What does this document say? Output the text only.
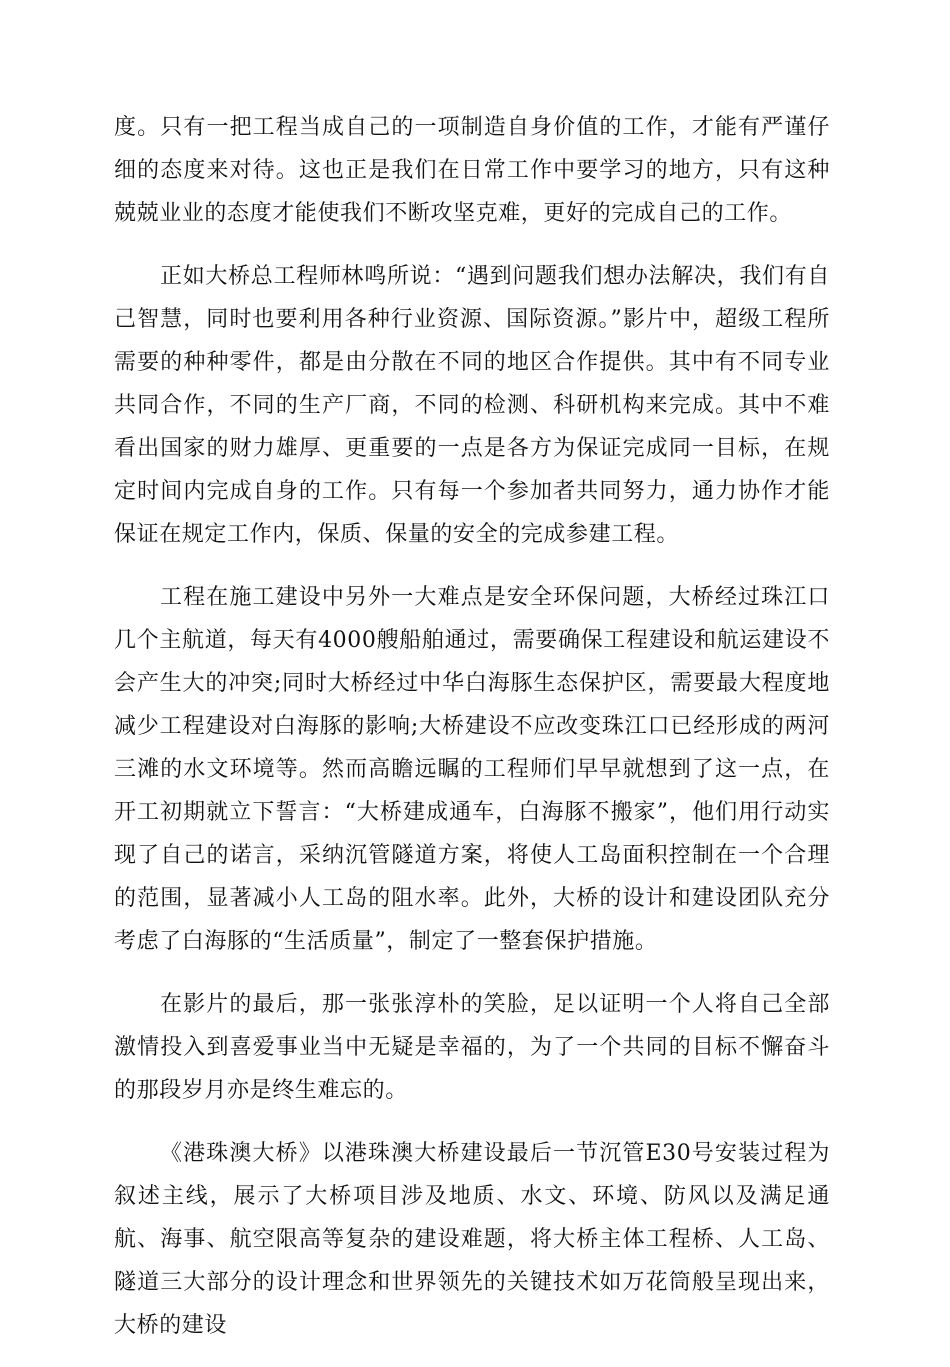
度。只有一把工程当成自己的一项制造自身价值的工作，才能有严谨仔细的态度来对待。这也正是我们在日常工作中要学习的地方，只有这种兢兢业业的态度才能使我们不断攻坚克难，更好的完成自己的工作。

正如大桥总工程师林鸣所说：“遇到问题我们想办法解决，我们有自己智慧，同时也要利用各种行业资源、国际资源。”影片中，超级工程所需要的种种零件，都是由分散在不同的地区合作提供。其中有不同专业共同合作，不同的生产厂商，不同的检测、科研机构来完成。其中不难看出国家的财力雄厚、更重要的一点是各方为保证完成同一目标，在规定时间内完成自身的工作。只有每一个参加者共同努力，通力协作才能保证在规定工作内，保质、保量的安全的完成参建工程。

工程在施工建设中另外一大难点是安全环保问题，大桥经过珠江口几个主航道，每天有4000艘船舶通过，需要确保工程建设和航运建设不会产生大的冲突;同时大桥经过中华白海豚生态保护区，需要最大程度地减少工程建设对白海豚的影响;大桥建设不应改变珠江口已经形成的两河三滩的水文环境等。然而高瞻远瞩的工程师们早早就想到了这一点，在开工初期就立下誓言：“大桥建成通车，白海豚不搬家”，他们用行动实现了自己的诺言，采纳沉管隧道方案，将使人工岛面积控制在一个合理的范围，显著减小人工岛的阻水率。此外，大桥的设计和建设团队充分考虑了白海豚的“生活质量”，制定了一整套保护措施。

在影片的最后，那一张张淳朴的笑脸，足以证明一个人将自己全部激情投入到喜爱事业当中无疑是幸福的，为了一个共同的目标不懈奋斗的那段岁月亦是终生难忘的。

《港珠澳大桥》以港珠澳大桥建设最后一节沉管E30号安装过程为叙述主线，展示了大桥项目涉及地质、水文、环境、防风以及满足通航、海事、航空限高等复杂的建设难题，将大桥主体工程桥、人工岛、隧道三大部分的设计理念和世界领先的关键技术如万花筒般呈现出来，大桥的建设
